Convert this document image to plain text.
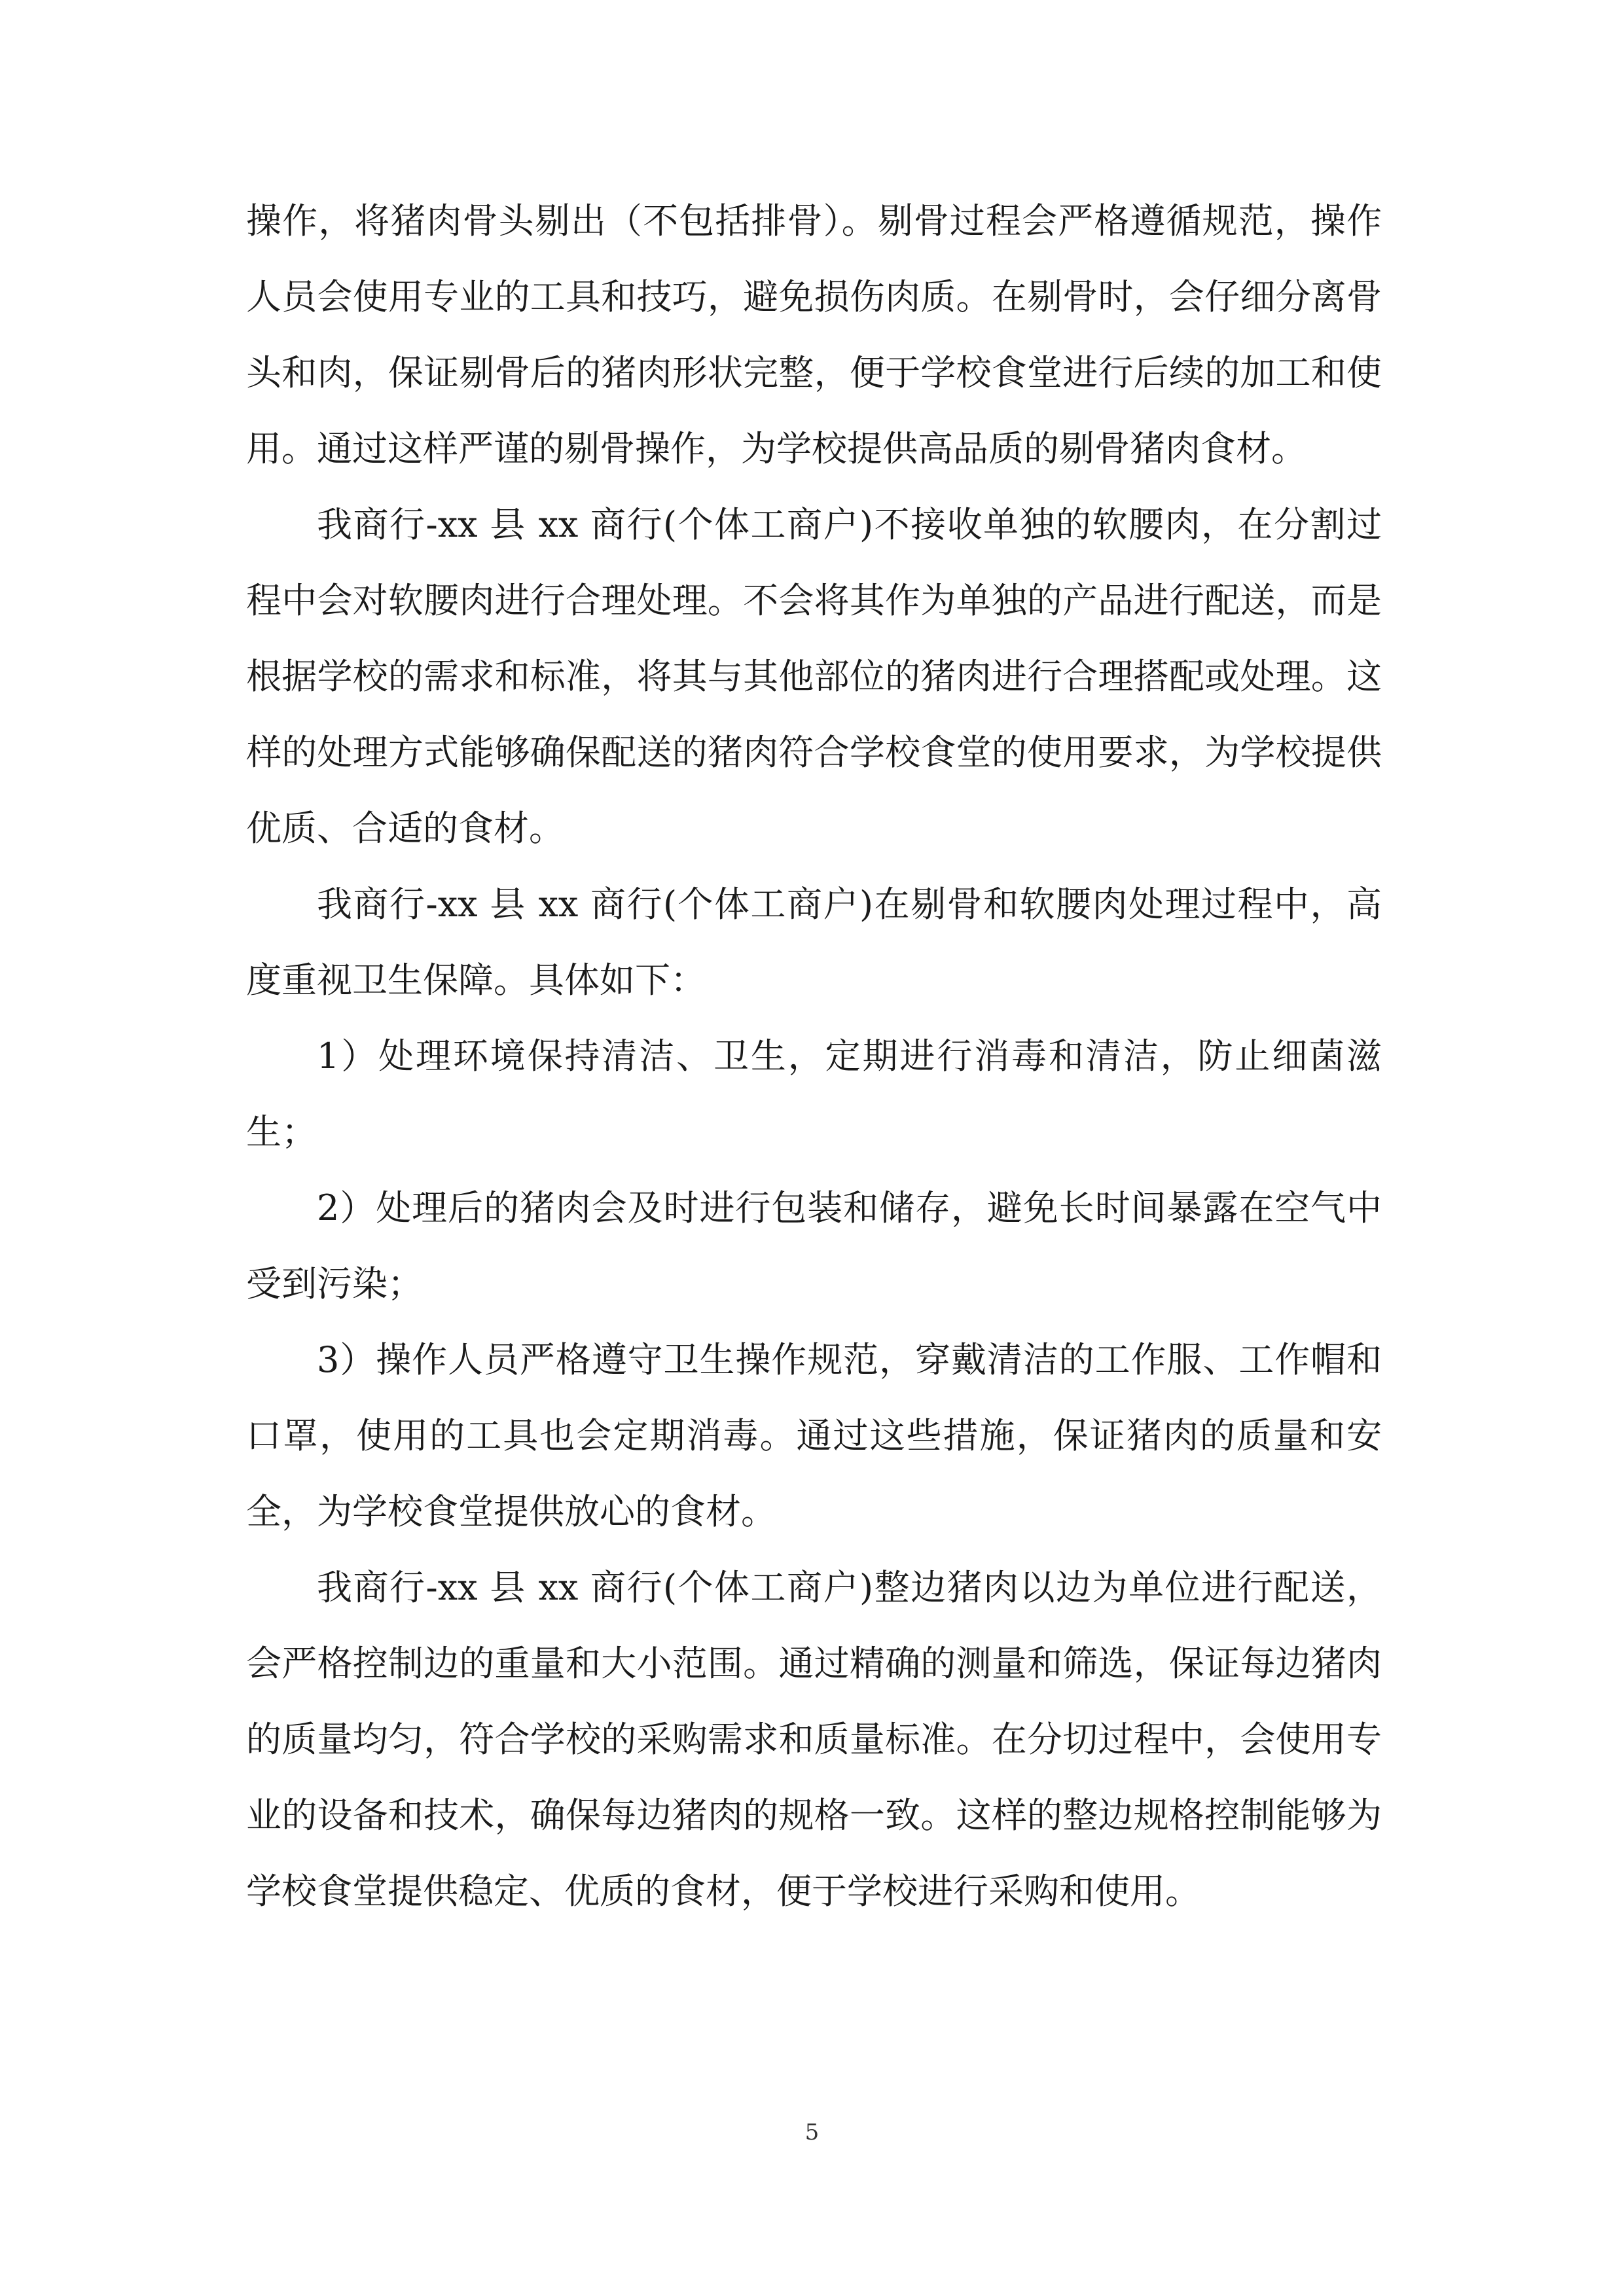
操作，将猪肉骨头剔出（不包括排骨）。剔骨过程会严格遵循规范，操作人员会使用专业的工具和技巧，避免损伤肉质。在剔骨时，会仔细分离骨头和肉，保证剔骨后的猪肉形状完整，便于学校食堂进行后续的加工和使用。通过这样严谨的剔骨操作，为学校提供高品质的剔骨猪肉食材。

我商行-xx 县 xx 商行(个体工商户)不接收单独的软腰肉，在分割过程中会对软腰肉进行合理处理。不会将其作为单独的产品进行配送，而是根据学校的需求和标准，将其与其他部位的猪肉进行合理搭配或处理。这样的处理方式能够确保配送的猪肉符合学校食堂的使用要求，为学校提供优质、合适的食材。

我商行-xx 县 xx 商行(个体工商户)在剔骨和软腰肉处理过程中，高度重视卫生保障。具体如下：

1）处理环境保持清洁、卫生，定期进行消毒和清洁，防止细菌滋生；

2）处理后的猪肉会及时进行包装和储存，避免长时间暴露在空气中受到污染；

3）操作人员严格遵守卫生操作规范，穿戴清洁的工作服、工作帽和口罩，使用的工具也会定期消毒。通过这些措施，保证猪肉的质量和安全，为学校食堂提供放心的食材。

我商行-xx 县 xx 商行(个体工商户)整边猪肉以边为单位进行配送，会严格控制边的重量和大小范围。通过精确的测量和筛选，保证每边猪肉的质量均匀，符合学校的采购需求和质量标准。在分切过程中，会使用专业的设备和技术，确保每边猪肉的规格一致。这样的整边规格控制能够为学校食堂提供稳定、优质的食材，便于学校进行采购和使用。

5
